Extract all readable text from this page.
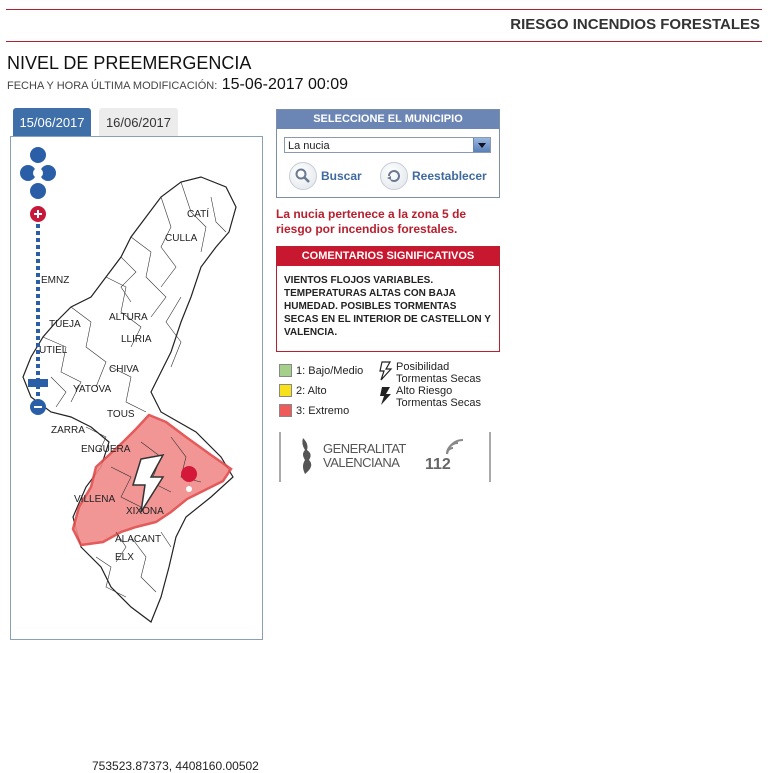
RIESGO INCENDIOS FORESTALES
NIVEL DE PREEMERGENCIA
FECHA Y HORA ÚLTIMA MODIFICACIÓN: 15-06-2017 00:09
15/06/2017	16/06/2017
CATÍ
CULLA
EMNZ
ALTURA
TUEJA
LLIRIA
UTIEL
CHIVA
YATOVA
TOUS
ZARRA
ENGUERA
VILLENA
XIXONA
ALACANT
ELX
753523.87373, 4408160.00502
SELECCIONE EL MUNICIPIO
La nucia
Buscar	Reestablecer
La nucia pertenece a la zona 5 de riesgo por incendios forestales.
COMENTARIOS SIGNIFICATIVOS
VIENTOS FLOJOS VARIABLES. TEMPERATURAS ALTAS CON BAJA HUMEDAD. POSIBLES TORMENTAS SECAS EN EL INTERIOR DE CASTELLON Y VALENCIA.
1: Bajo/Medio
2: Alto
3: Extremo
Posibilidad
Tormentas Secas
Alto Riesgo
Tormentas Secas
GENERALITAT
VALENCIANA	112
